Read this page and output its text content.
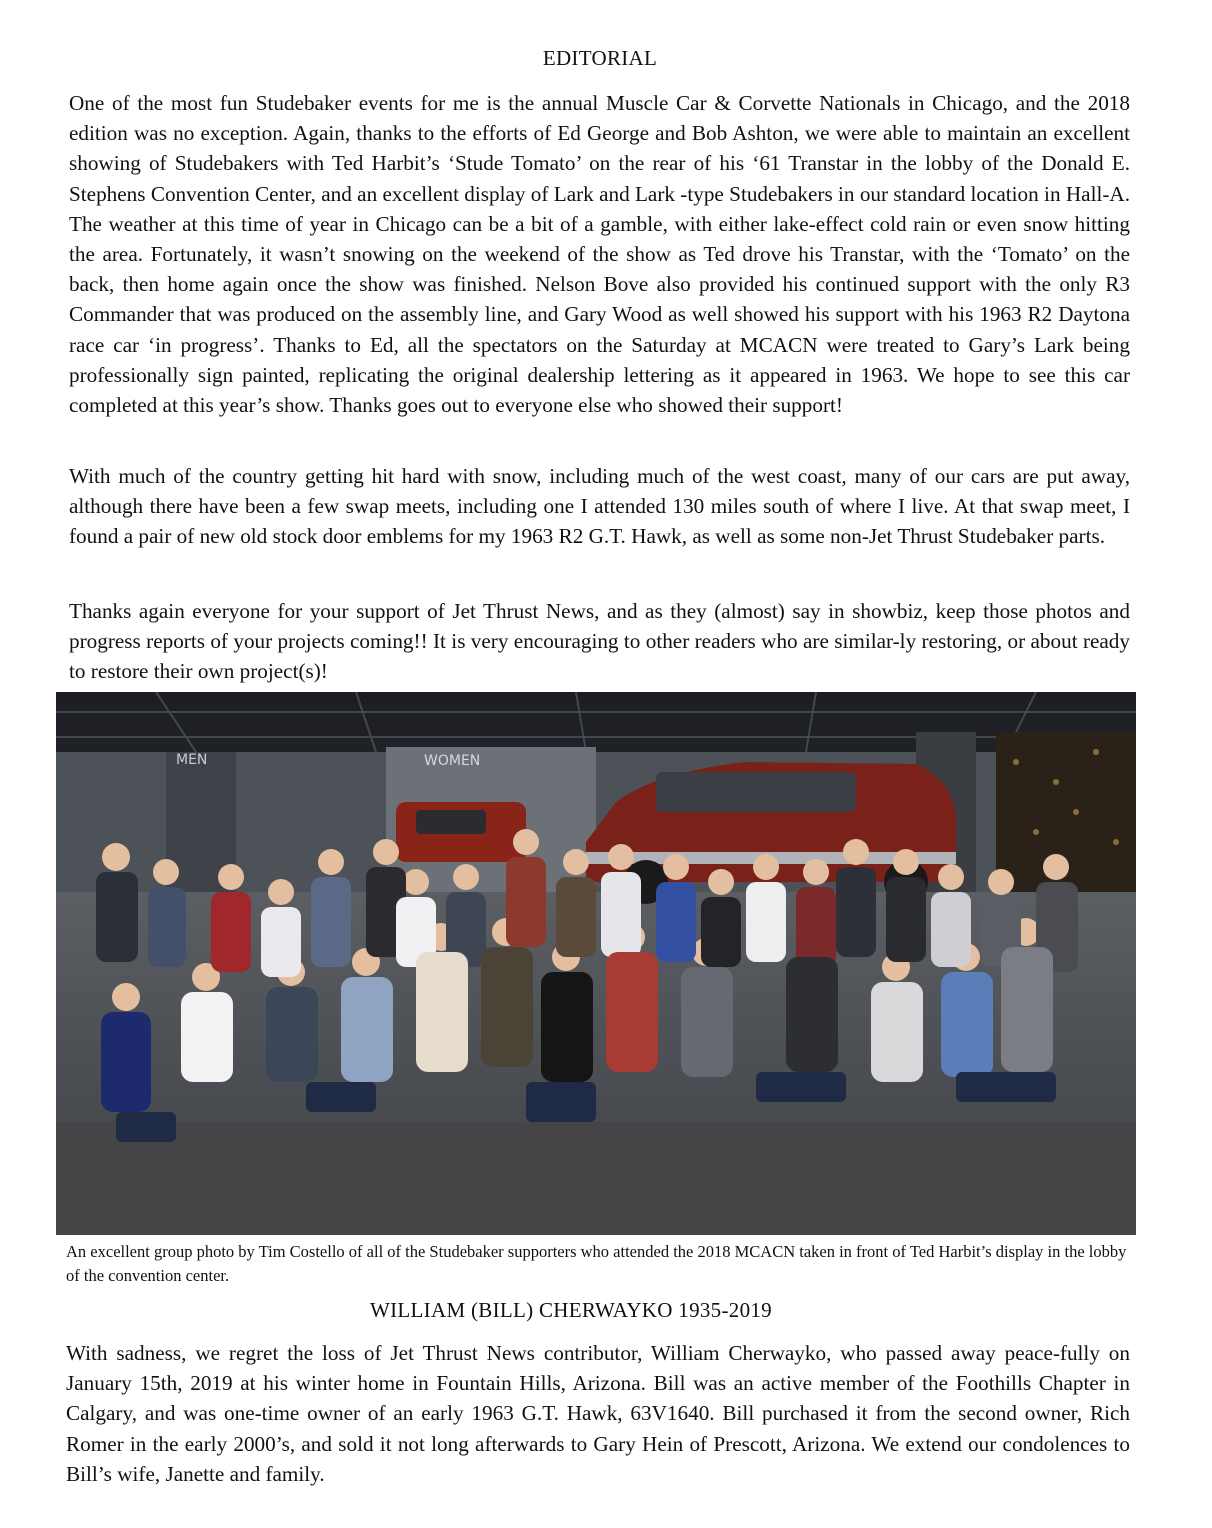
EDITORIAL

One of the most fun Studebaker events for me is the annual Muscle Car & Corvette Nationals in Chicago, and the 2018 edition was no exception. Again, thanks to the efforts of Ed George and Bob Ashton, we were able to maintain an excellent showing of Studebakers with Ted Harbit’s ‘Stude Tomato’ on the rear of his ‘61 Transtar in the lobby of the Donald E. Stephens Convention Center, and an excellent display of Lark and Lark -type Studebakers in our standard location in Hall-A. The weather at this time of year in Chicago can be a bit of a gamble, with either lake-effect cold rain or even snow hitting the area. Fortunately, it wasn’t snowing on the weekend of the show as Ted drove his Transtar, with the ‘Tomato’ on the back, then home again once the show was finished. Nelson Bove also provided his continued support with the only R3 Commander that was produced on the assembly line, and Gary Wood as well showed his support with his 1963 R2 Daytona race car ‘in progress’. Thanks to Ed, all the spectators on the Saturday at MCACN were treated to Gary’s Lark being professionally sign painted, replicating the original dealership lettering as it appeared in 1963. We hope to see this car completed at this year’s show. Thanks goes out to everyone else who showed their support!

With much of the country getting hit hard with snow, including much of the west coast, many of our cars are put away, although there have been a few swap meets, including one I attended 130 miles south of where I live. At that swap meet, I found a pair of new old stock door emblems for my 1963 R2 G.T. Hawk, as well as some non-Jet Thrust Studebaker parts.

Thanks again everyone for your support of Jet Thrust News, and as they (almost) say in showbiz, keep those photos and progress reports of your projects coming!! It is very encouraging to other readers who are similar-ly restoring, or about ready to restore their own project(s)!

MEN	WOMEN

An excellent group photo by Tim Costello of all of the Studebaker supporters who attended the 2018 MCACN taken in front of Ted Harbit’s display in the lobby of the convention center.

WILLIAM (BILL) CHERWAYKO 1935-2019

With sadness, we regret the loss of Jet Thrust News contributor, William Cherwayko, who passed away peace-fully on January 15th, 2019 at his winter home in Fountain Hills, Arizona. Bill was an active member of the Foothills Chapter in Calgary, and was one-time owner of an early 1963 G.T. Hawk, 63V1640. Bill purchased it from the second owner, Rich Romer in the early 2000’s, and sold it not long afterwards to Gary Hein of Prescott, Arizona. We extend our condolences to Bill’s wife, Janette and family.
